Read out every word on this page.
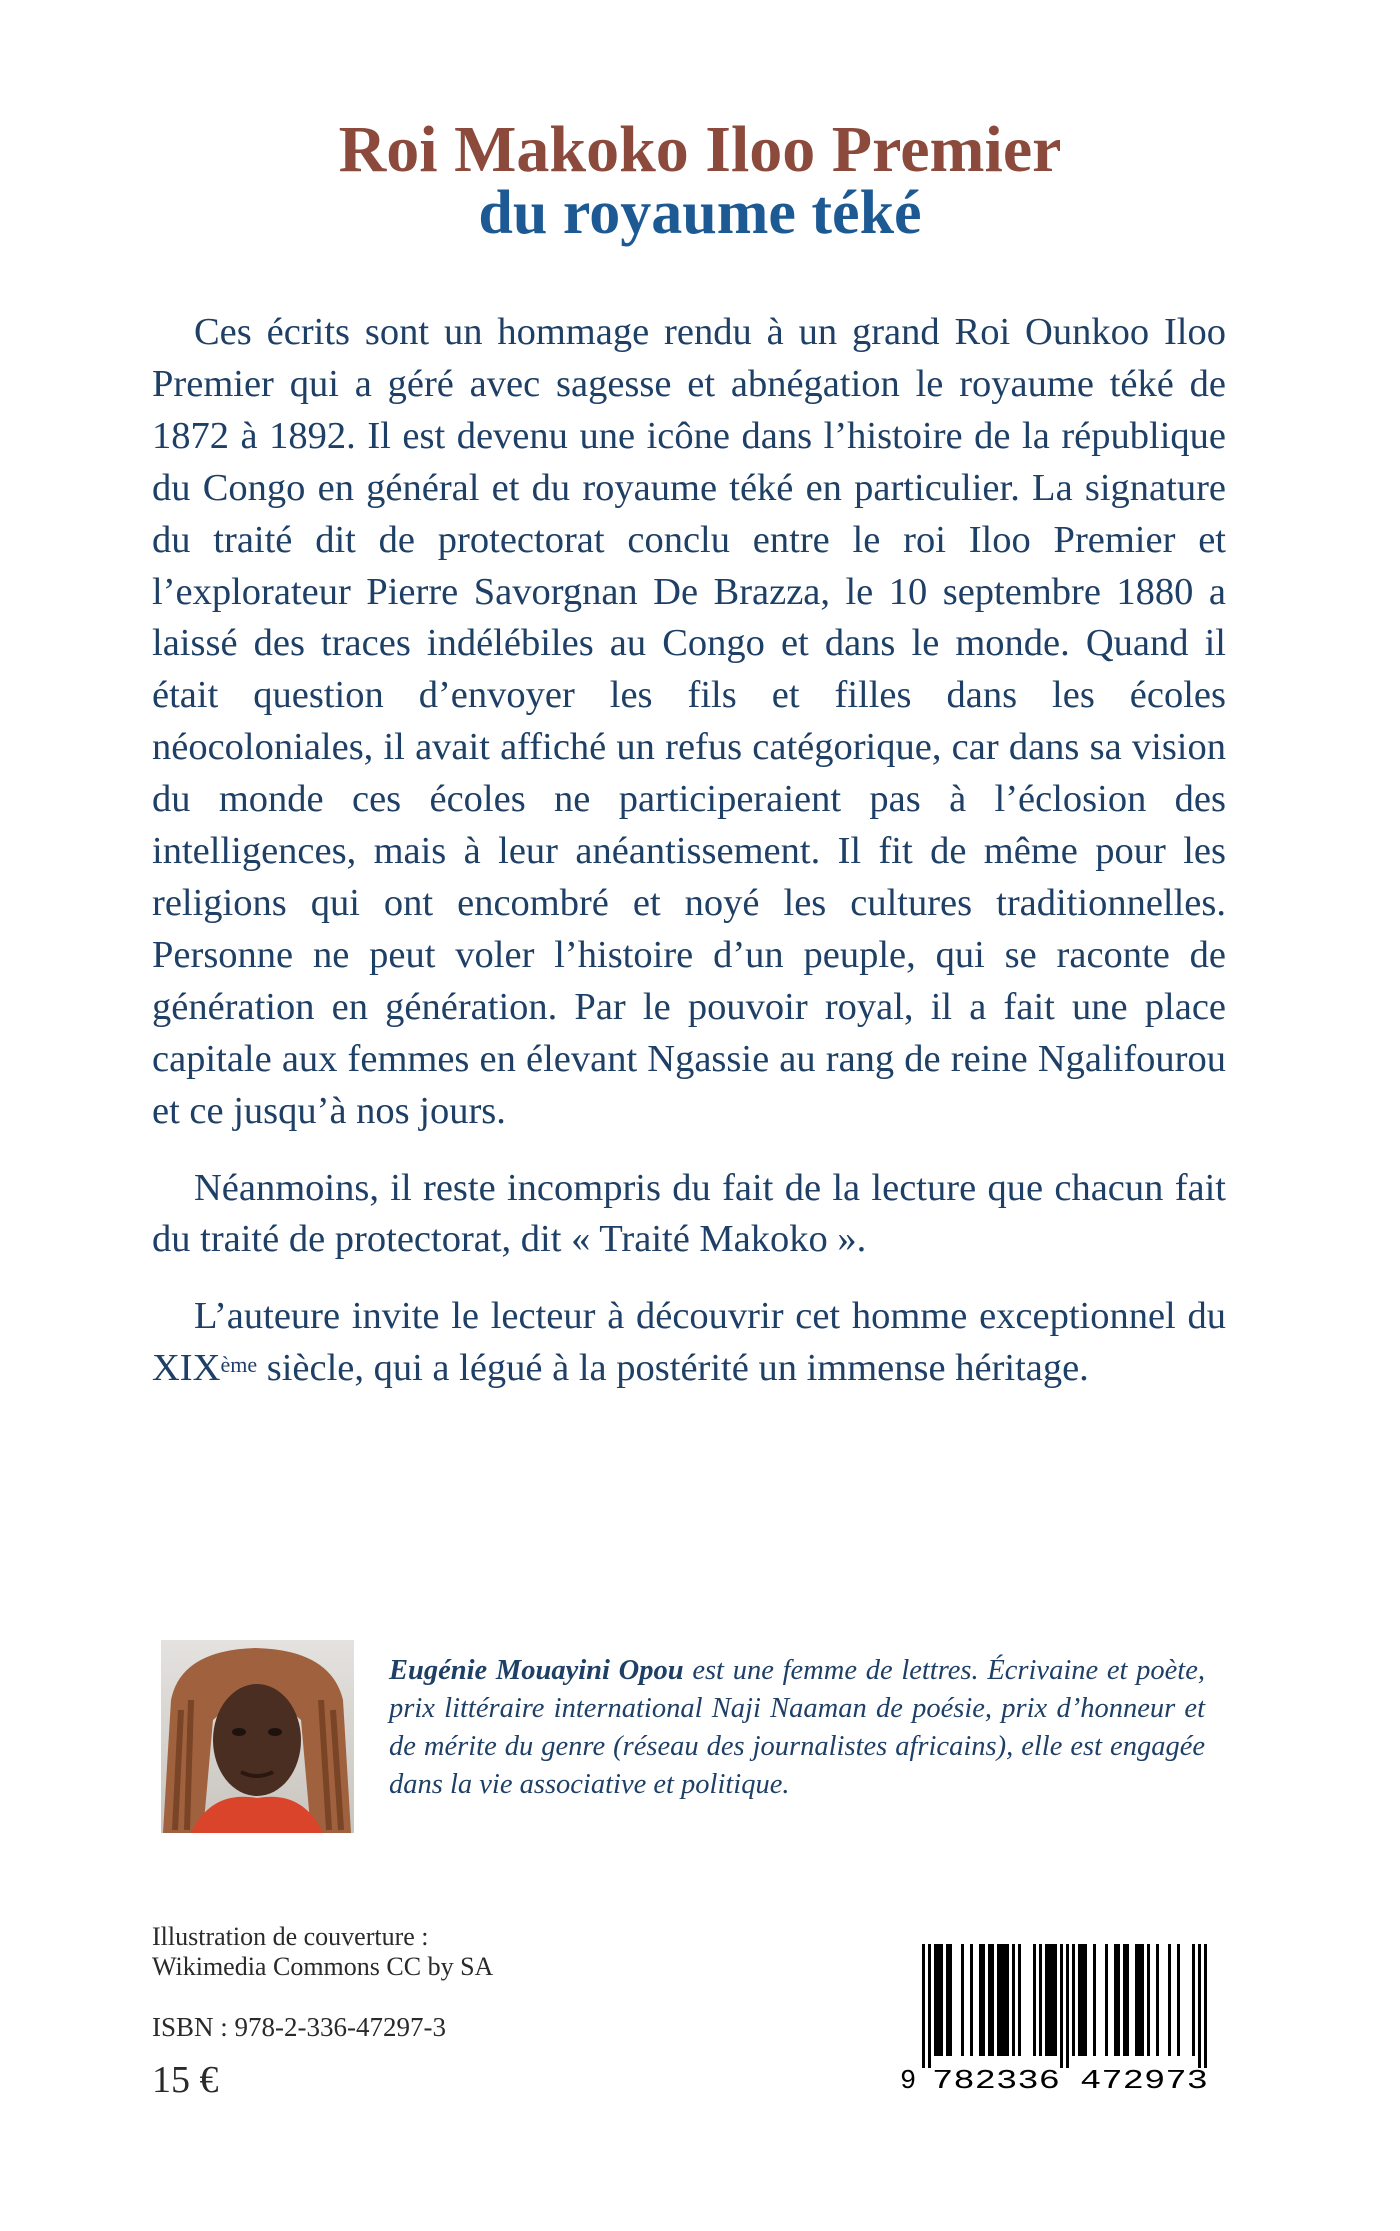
Roi Makoko Iloo Premier
du royaume téké

Ces écrits sont un hommage rendu à un grand Roi Ounkoo Iloo Premier qui a géré avec sagesse et abnégation le royaume téké de 1872 à 1892. Il est devenu une icône dans l’histoire de la république du Congo en général et du royaume téké en particulier. La signature du traité dit de protectorat conclu entre le roi Iloo Premier et l’explorateur Pierre Savorgnan De Brazza, le 10 septembre 1880 a laissé des traces indélébiles au Congo et dans le monde. Quand il était question d’envoyer les fils et filles dans les écoles néocoloniales, il avait affiché un refus catégorique, car dans sa vision du monde ces écoles ne participeraient pas à l’éclosion des intelligences, mais à leur anéantissement. Il fit de même pour les religions qui ont encombré et noyé les cultures traditionnelles. Personne ne peut voler l’histoire d’un peuple, qui se raconte de génération en génération. Par le pouvoir royal, il a fait une place capitale aux femmes en élevant Ngassie au rang de reine Ngalifourou et ce jusqu’à nos jours.

Néanmoins, il reste incompris du fait de la lecture que chacun fait du traité de protectorat, dit « Traité Makoko ».

L’auteure invite le lecteur à découvrir cet homme exceptionnel du XIXème siècle, qui a légué à la postérité un immense héritage.

Eugénie Mouayini Opou est une femme de lettres. Écrivaine et poète, prix littéraire international Naji Naaman de poésie, prix d’honneur et de mérite du genre (réseau des journalistes africains), elle est engagée dans la vie associative et politique.
Illustration de couverture :
Wikimedia Commons CC by SA
ISBN : 978-2-336-47297-3
15 €	9 782336 472973
